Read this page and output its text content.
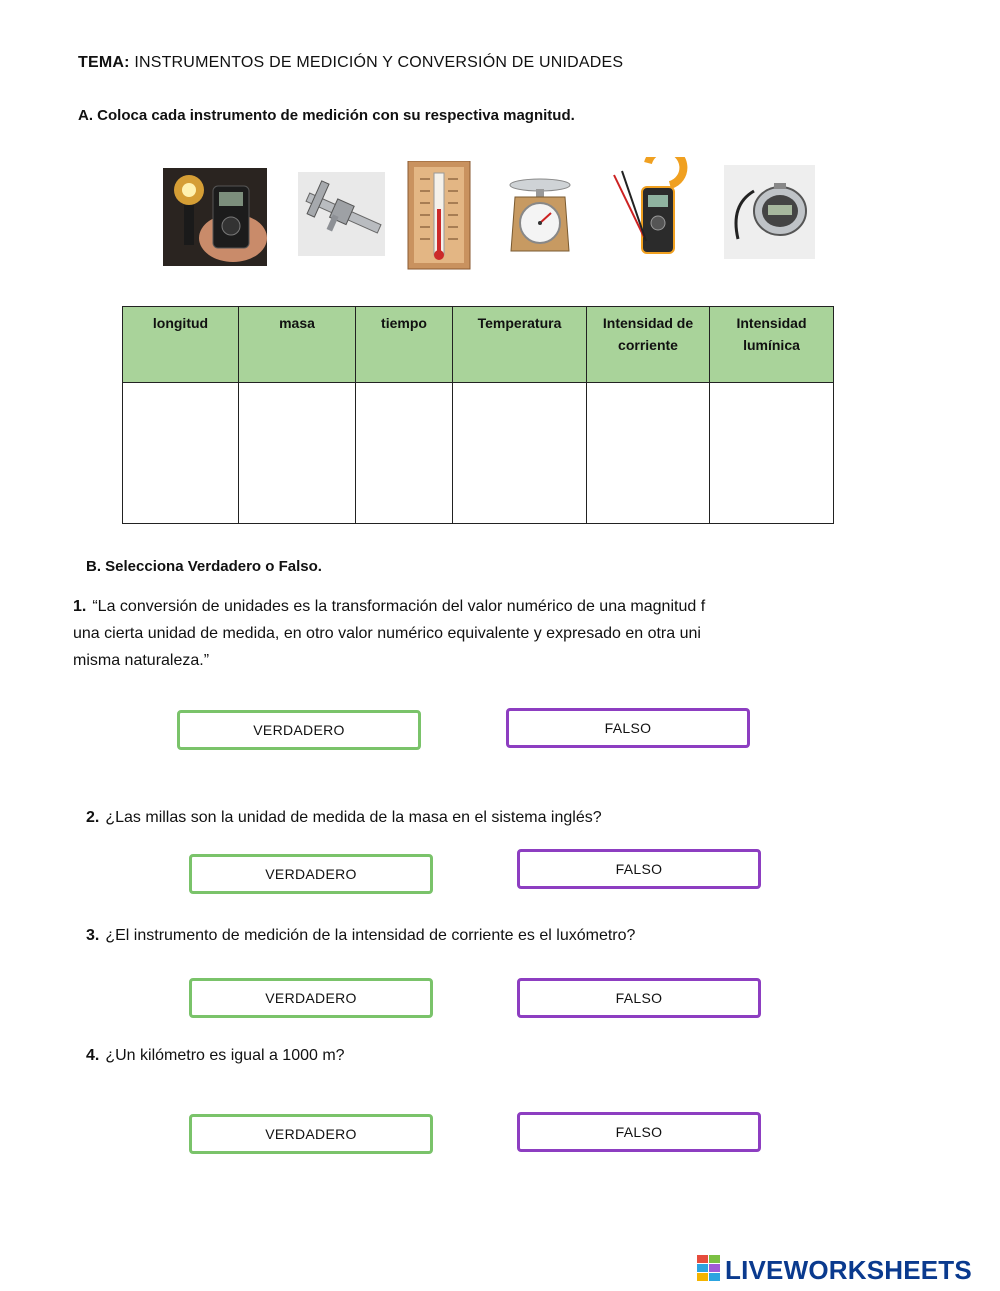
TEMA: INSTRUMENTOS DE MEDICIÓN Y CONVERSIÓN DE UNIDADES
A. Coloca cada instrumento de medición con su respectiva magnitud.
longitud	masa	tiempo	Temperatura	Intensidad de corriente	Intensidad lumínica

B. Selecciona Verdadero o Falso.
1. “La conversión de unidades es la transformación del valor numérico de una magnitud f
una cierta unidad de medida, en otro valor numérico equivalente y expresado en otra uni
misma naturaleza.”
VERDADERO	FALSO
2. ¿Las millas son la unidad de medida de la masa en el sistema inglés?
VERDADERO	FALSO
3. ¿El instrumento de medición de la intensidad de corriente es el luxómetro?
VERDADERO	FALSO
4. ¿Un kilómetro es igual a 1000 m?
VERDADERO	FALSO
LIVEWORKSHEETS
